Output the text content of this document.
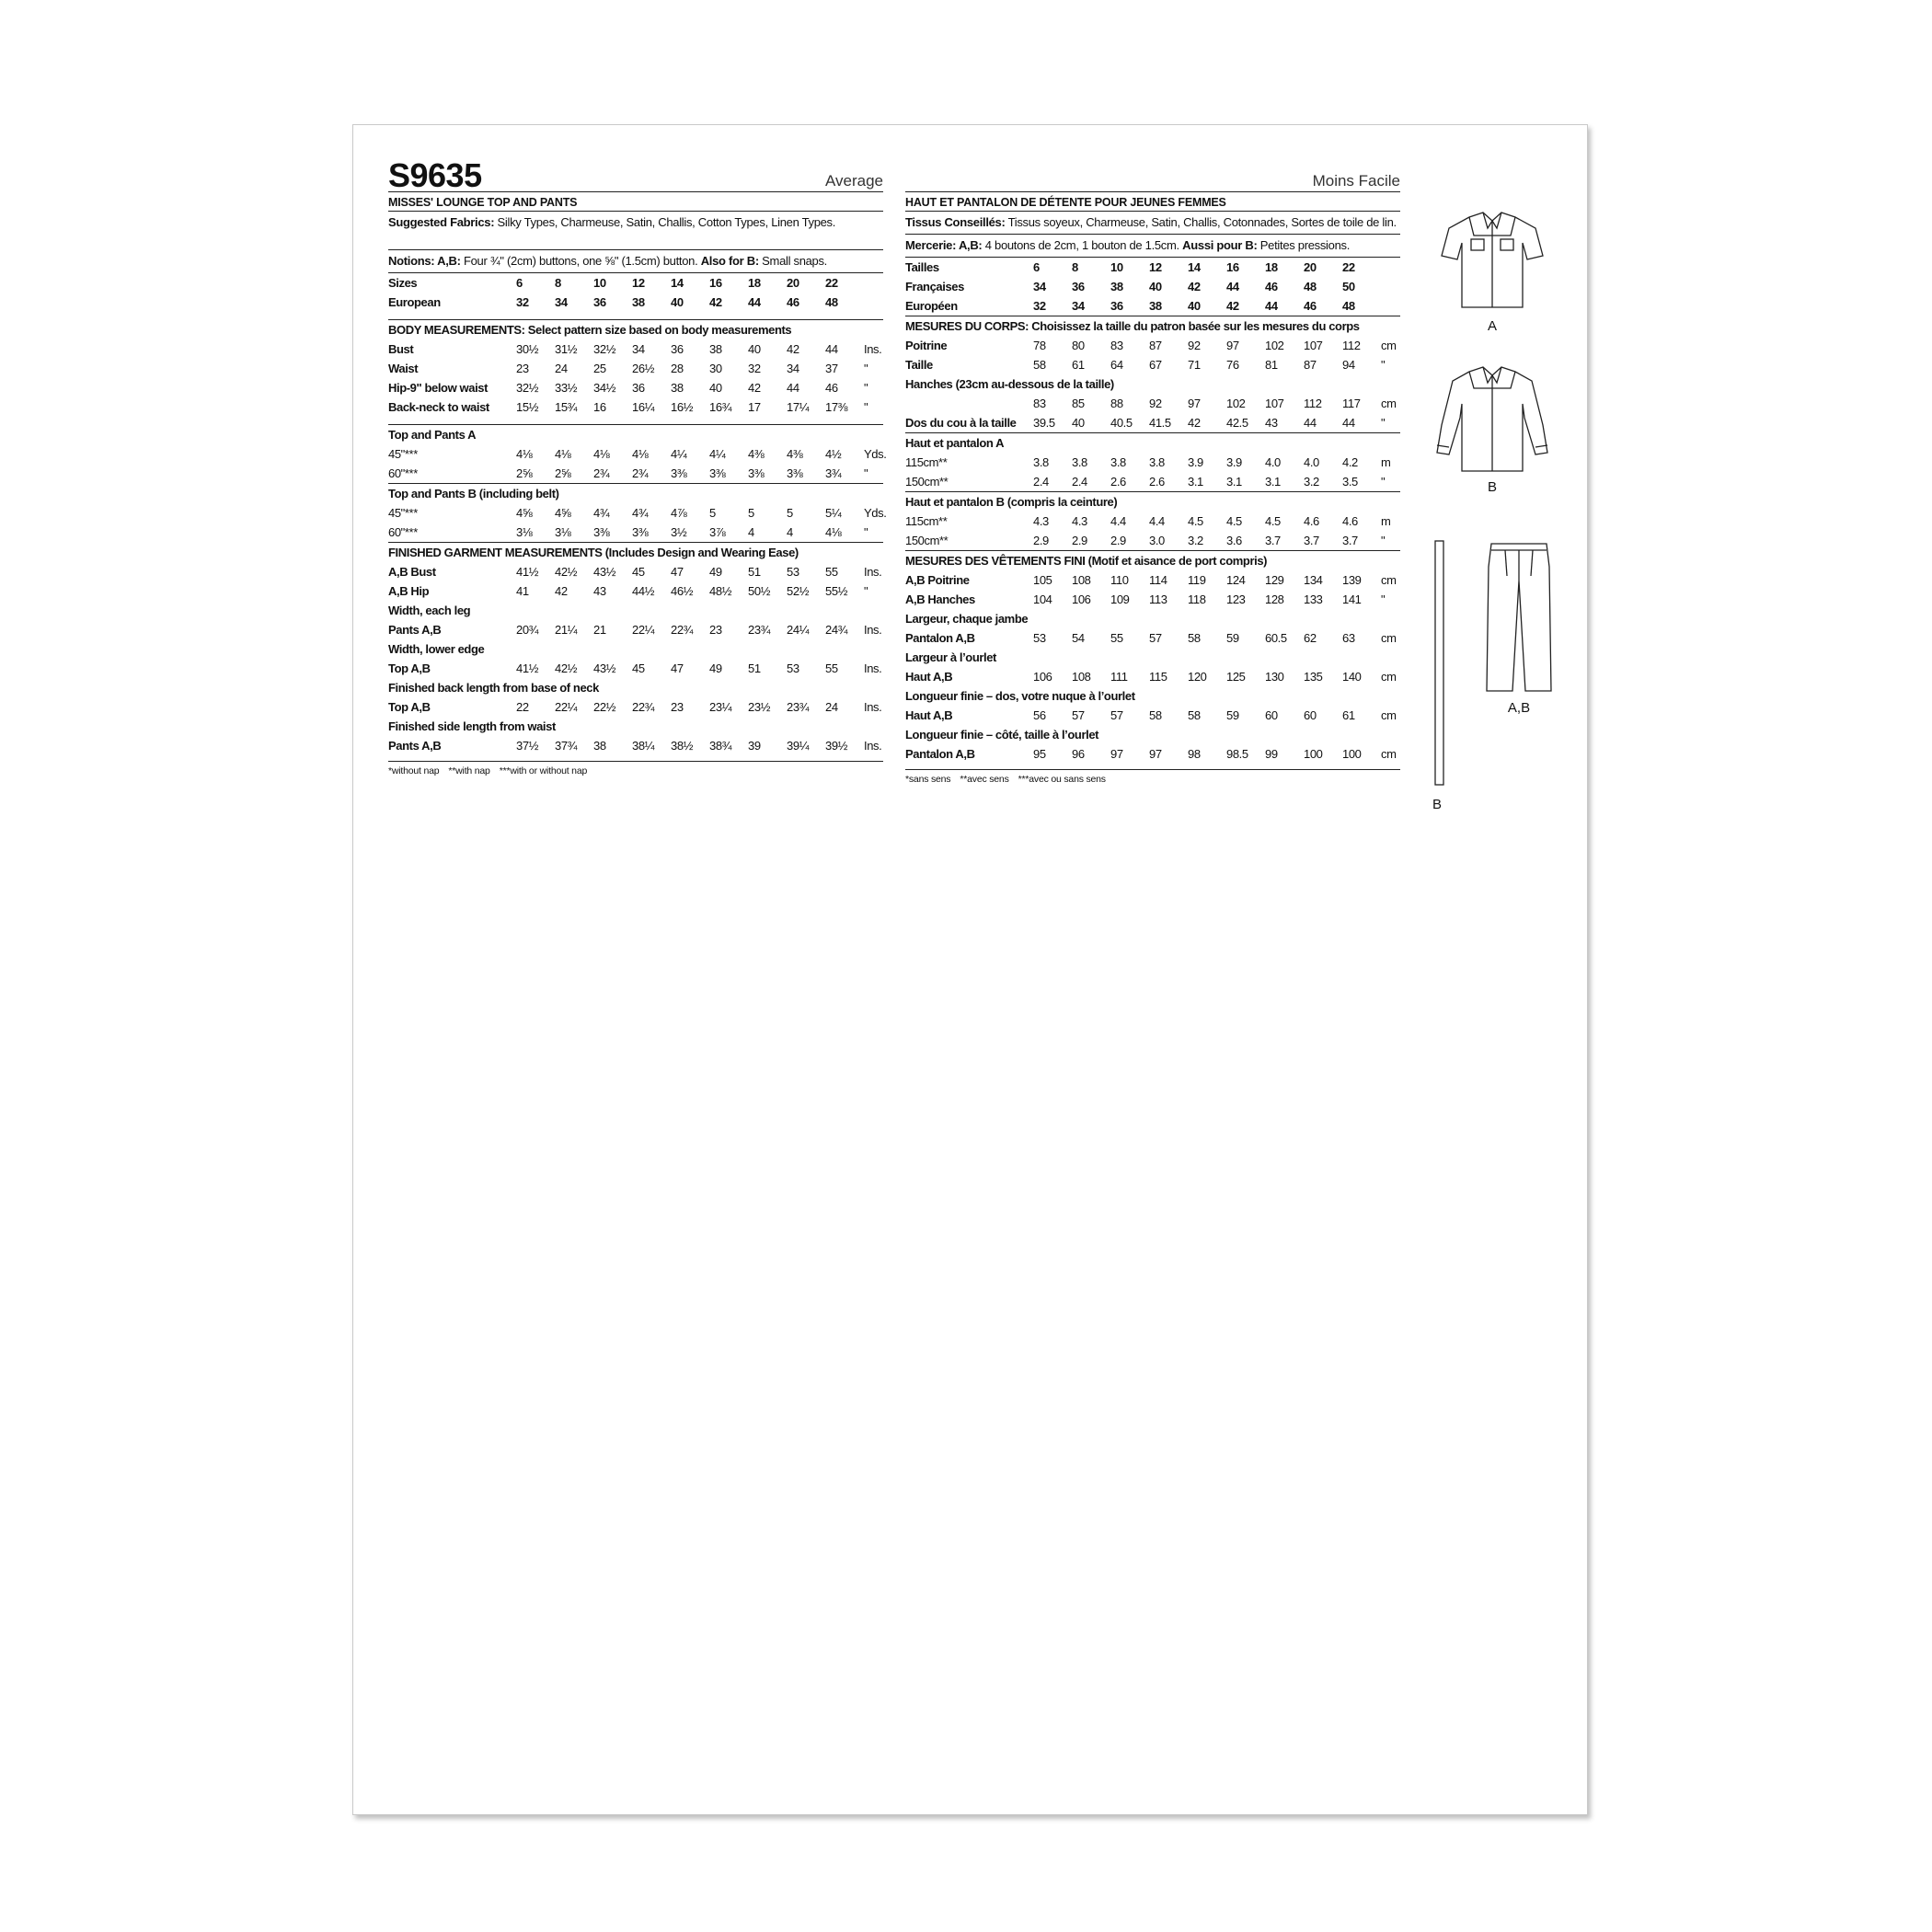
S9635	Average
MISSES' LOUNGE TOP AND PANTS
Suggested Fabrics: Silky Types, Charmeuse, Satin, Challis, Cotton Types, Linen Types.

Notions: A,B: Four ¾" (2cm) buttons, one ⅝" (1.5cm) button. Also for B: Small snaps.
Sizes	6	8	10	12	14	16	18	20	22	
European	32	34	36	38	40	42	44	46	48	

BODY MEASUREMENTS: Select pattern size based on body measurements										
Bust	30½	31½	32½	34	36	38	40	42	44	Ins.
Waist	23	24	25	26½	28	30	32	34	37	"
Hip-9" below waist	32½	33½	34½	36	38	40	42	44	46	"
Back-neck to waist	15½	15¾	16	16¼	16½	16¾	17	17¼	17⅜	"

Top and Pants A										
45"***	4⅛	4⅛	4⅛	4⅛	4¼	4¼	4⅜	4⅜	4½	Yds.
60"***	2⅝	2⅝	2¾	2¾	3⅜	3⅜	3⅜	3⅜	3¾	"
Top and Pants B (including belt)										
45"***	4⅝	4⅝	4¾	4¾	4⅞	5	5	5	5¼	Yds.
60"***	3⅛	3⅛	3⅜	3⅜	3½	3⅞	4	4	4⅛	"
FINISHED GARMENT MEASUREMENTS (Includes Design and Wearing Ease)										
A,B Bust	41½	42½	43½	45	47	49	51	53	55	Ins.
A,B Hip	41	42	43	44½	46½	48½	50½	52½	55½	"
Width, each leg										
Pants A,B	20¾	21¼	21	22¼	22¾	23	23¾	24¼	24¾	Ins.
Width, lower edge										
Top A,B	41½	42½	43½	45	47	49	51	53	55	Ins.
Finished back length from base of neck										
Top A,B	22	22¼	22½	22¾	23	23¼	23½	23¾	24	Ins.
Finished side length from waist										
Pants A,B	37½	37¾	38	38¼	38½	38¾	39	39¼	39½	Ins.
*without nap **with nap ***with or without nap
Moins Facile
HAUT ET PANTALON DE DÉTENTE POUR JEUNES FEMMES
Tissus Conseillés: Tissus soyeux, Charmeuse, Satin, Challis, Cotonnades, Sortes de toile de lin.
Mercerie: A,B: 4 boutons de 2cm, 1 bouton de 1.5cm. Aussi pour B: Petites pressions.
Tailles	6	8	10	12	14	16	18	20	22	
Françaises	34	36	38	40	42	44	46	48	50	
Européen	32	34	36	38	40	42	44	46	48	
MESURES DU CORPS: Choisissez la taille du patron basée sur les mesures du corps										
Poitrine	78	80	83	87	92	97	102	107	112	cm
Taille	58	61	64	67	71	76	81	87	94	"
Hanches (23cm au-dessous de la taille)										
	83	85	88	92	97	102	107	112	117	cm
Dos du cou à la taille	39.5	40	40.5	41.5	42	42.5	43	44	44	"
Haut et pantalon A										
115cm**	3.8	3.8	3.8	3.8	3.9	3.9	4.0	4.0	4.2	m
150cm**	2.4	2.4	2.6	2.6	3.1	3.1	3.1	3.2	3.5	"
Haut et pantalon B (compris la ceinture)										
115cm**	4.3	4.3	4.4	4.4	4.5	4.5	4.5	4.6	4.6	m
150cm**	2.9	2.9	2.9	3.0	3.2	3.6	3.7	3.7	3.7	"
MESURES DES VÊTEMENTS FINI (Motif et aisance de port compris)										
A,B Poitrine	105	108	110	114	119	124	129	134	139	cm
A,B Hanches	104	106	109	113	118	123	128	133	141	"
Largeur, chaque jambe										
Pantalon A,B	53	54	55	57	58	59	60.5	62	63	cm
Largeur à l’ourlet										
Haut A,B	106	108	111	115	120	125	130	135	140	cm
Longueur finie – dos, votre nuque à l’ourlet										
Haut A,B	56	57	57	58	58	59	60	60	61	cm
Longueur finie – côté, taille à l’ourlet										
Pantalon A,B	95	96	97	97	98	98.5	99	100	100	cm
*sans sens **avec sens ***avec ou sans sens
A
B
B
A,B
